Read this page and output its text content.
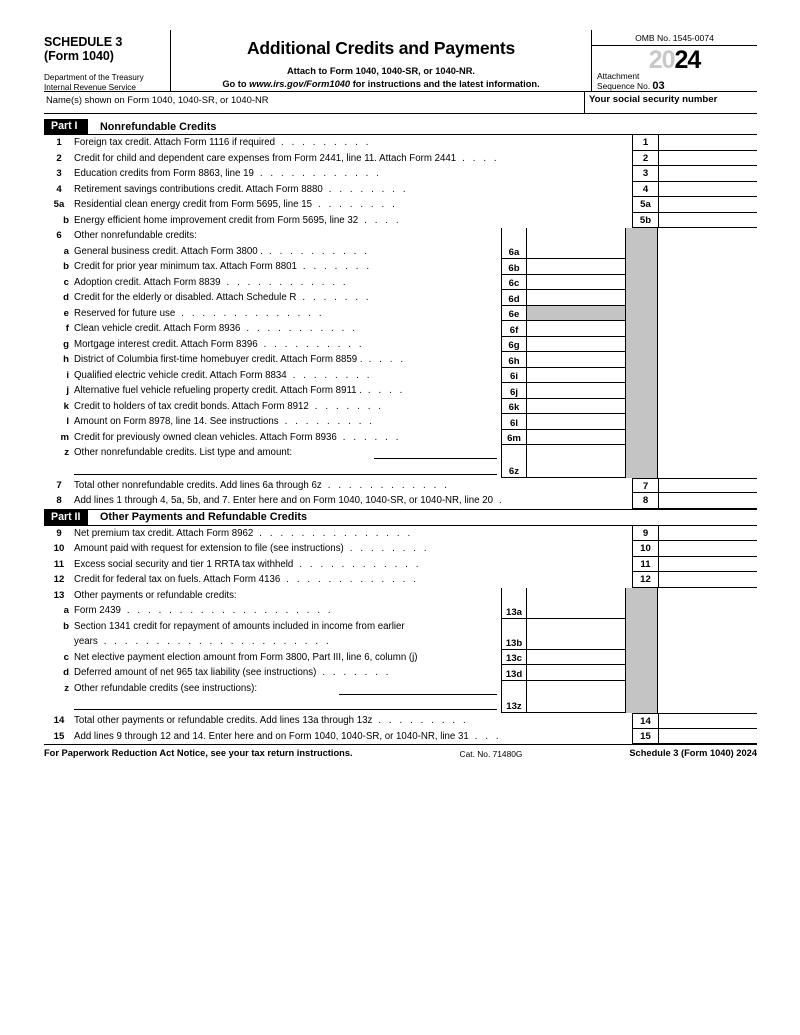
SCHEDULE 3
(Form 1040)
Department of the Treasury
Internal Revenue Service
Additional Credits and Payments
Attach to Form 1040, 1040-SR, or 1040-NR.
Go to www.irs.gov/Form1040 for instructions and the latest information.
OMB No. 1545-0074
2024
Attachment
Sequence No. 03
Name(s) shown on Form 1040, 1040-SR, or 1040-NR	Your social security number
Part I	Nonrefundable Credits
1	Foreign tax credit. Attach Form 1116 if required . . . . . . . . .	1
2	Credit for child and dependent care expenses from Form 2441, line 11. Attach Form 2441 . . . .	2
3	Education credits from Form 8863, line 19 . . . . . . . . . . . .	3
4	Retirement savings contributions credit. Attach Form 8880 . . . . . . . .	4
5a Residential clean energy credit from Form 5695, line 15 . . . . . . . .	5a
b Energy efficient home improvement credit from Form 5695, line 32 . . . .	5b
6	Other nonrefundable credits:
a General business credit. Attach Form 3800 . . . . . . . . . . .	6a
b Credit for prior year minimum tax. Attach Form 8801 . . . . . . .	6b
c Adoption credit. Attach Form 8839 . . . . . . . . . . . .	6c
d Credit for the elderly or disabled. Attach Schedule R . . . . . . .	6d
e Reserved for future use . . . . . . . . . . . . . .	6e
f Clean vehicle credit. Attach Form 8936 . . . . . . . . . . .	6f
g Mortgage interest credit. Attach Form 8396 . . . . . . . . . .	6g
h District of Columbia first-time homebuyer credit. Attach Form 8859 . . . . .	6h
i Qualified electric vehicle credit. Attach Form 8834 . . . . . . . .	6i
j Alternative fuel vehicle refueling property credit. Attach Form 8911 . . . . .	6j
k Credit to holders of tax credit bonds. Attach Form 8912 . . . . . . .	6k
l Amount on Form 8978, line 14. See instructions . . . . . . . . .	6l
m Credit for previously owned clean vehicles. Attach Form 8936 . . . . . .	6m
z Other nonrefundable credits. List type and amount:
6z
7	Total other nonrefundable credits. Add lines 6a through 6z . . . . . . . . . . . .	7
8	Add lines 1 through 4, 5a, 5b, and 7. Enter here and on Form 1040, 1040-SR, or 1040-NR, line 20 .	8
Part II	Other Payments and Refundable Credits
9	Net premium tax credit. Attach Form 8962 . . . . . . . . . . . . . . .	9
10 Amount paid with request for extension to file (see instructions) . . . . . . . .	10
11	Excess social security and tier 1 RRTA tax withheld . . . . . . . . . . . .	11
12 Credit for federal tax on fuels. Attach Form 4136 . . . . . . . . . . . . .	12
13 Other payments or refundable credits:
a Form 2439 . . . . . . . . . . . . . . . . . . . .	13a
b Section 1341 credit for repayment of amounts included in income from earlier
years . . . . . . . . . . . . . . . . . . . . . .	13b
c Net elective payment election amount from Form 3800, Part III, line 6, column (j)	13c
d Deferred amount of net 965 tax liability (see instructions) . . . . . . .	13d
z Other refundable credits (see instructions):
13z
14 Total other payments or refundable credits. Add lines 13a through 13z . . . . . . . . .	14
15 Add lines 9 through 12 and 14. Enter here and on Form 1040, 1040-SR, or 1040-NR, line 31 . . .	15
For Paperwork Reduction Act Notice, see your tax return instructions.	Cat. No. 71480G	Schedule 3 (Form 1040) 2024
